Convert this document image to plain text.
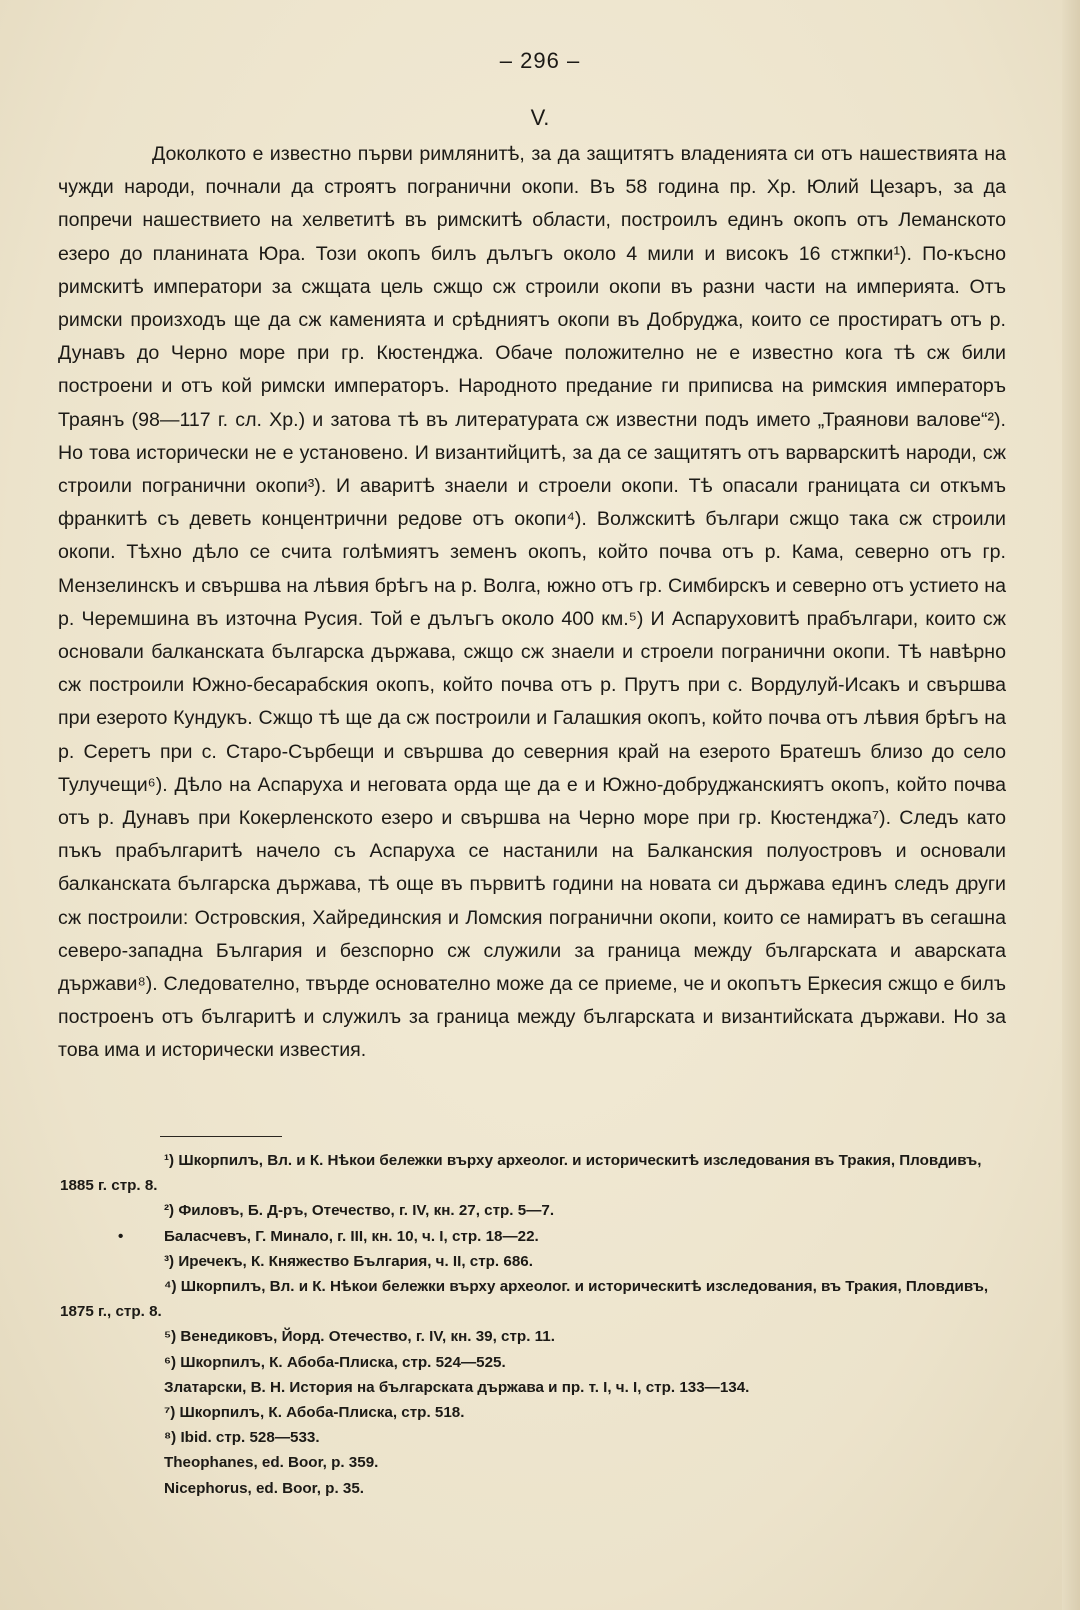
– 296 –
V.

Доколкото е известно първи римлянитѣ, за да защитятъ владенията си отъ нашествията на чужди народи, почнали да строятъ погранични окопи. Въ 58 година пр. Хр. Юлий Цезаръ, за да попречи нашествието на хелветитѣ въ римскитѣ области, построилъ единъ окопъ отъ Леманското езеро до планината Юра. Този окопъ билъ дълъгъ около 4 мили и високъ 16 стжпки¹). По-късно римскитѣ императори за сжщата цель сжщо сж строили окопи въ разни части на империята. Отъ римски произходъ ще да сж каменията и срѣдниятъ окопи въ Добруджа, които се простиратъ отъ р. Дунавъ до Черно море при гр. Кюстенджа. Обаче положително не е известно кога тѣ сж били построени и отъ кой римски императоръ. Народното предание ги приписва на римския императоръ Траянъ (98—117 г. сл. Хр.) и затова тѣ въ литературата сж известни подъ името „Траянови валове“²). Но това исторически не е установено. И византийцитѣ, за да се защитятъ отъ варварскитѣ народи, сж строили погранични окопи³). И аваритѣ знаели и строели окопи. Тѣ опасали границата си откъмъ франкитѣ съ деветь концентрични редове отъ окопи⁴). Волжскитѣ българи сжщо така сж строили окопи. Тѣхно дѣло се счита голѣмиятъ земенъ окопъ, който почва отъ р. Кама, северно отъ гр. Мензелинскъ и свършва на лѣвия брѣгъ на р. Волга, южно отъ гр. Симбирскъ и северно отъ устието на р. Черемшина въ източна Русия. Той е дълъгъ около 400 км.⁵) И Аспаруховитѣ прабългари, които сж основали балканската българска държава, сжщо сж знаели и строели погранични окопи. Тѣ навѣрно сж построили Южно-бесарабския окопъ, който почва отъ р. Прутъ при с. Вордулуй-Исакъ и свършва при езерото Кундукъ. Сжщо тѣ ще да сж построили и Галашкия окопъ, който почва отъ лѣвия брѣгъ на р. Серетъ при с. Старо-Сърбещи и свършва до северния край на езерото Братешъ близо до село Тулучещи⁶). Дѣло на Аспаруха и неговата орда ще да е и Южно-добруджанскиятъ окопъ, който почва отъ р. Дунавъ при Кокерленското езеро и свършва на Черно море при гр. Кюстенджа⁷). Следъ като пъкъ прабългаритѣ начело съ Аспаруха се настанили на Балканския полуостровъ и основали балканската българска държава, тѣ още въ първитѣ години на новата си държава единъ следъ други сж построили: Островския, Хайрединския и Ломския погранични окопи, които се намиратъ въ сегашна северо-западна България и безспорно сж служили за граница между българската и аварската държави⁸). Следователно, твърде основателно може да се приеме, че и окопътъ Еркесия сжщо е билъ построенъ отъ българитѣ и служилъ за граница между българската и византийската държави. Но за това има и исторически известия.

¹) Шкорпилъ, Вл. и К. Нѣкои бележки върху археолог. и историческитѣ изследования въ Тракия, Пловдивъ, 1885 г. стр. 8.

²) Филовъ, Б. Д-ръ, Отечество, г. IV, кн. 27, стр. 5—7.

•	Баласчевъ, Г. Минало, г. III, кн. 10, ч. I, стр. 18—22.

³) Иречекъ, К. Княжество България, ч. II, стр. 686.

⁴) Шкорпилъ, Вл. и К. Нѣкои бележки върху археолог. и историческитѣ изследования, въ Тракия, Пловдивъ, 1875 г., стр. 8.

⁵) Венедиковъ, Йорд. Отечество, г. IV, кн. 39, стр. 11.

⁶) Шкорпилъ, К. Абоба-Плиска, стр. 524—525.

Златарски, В. Н. История на българската държава и пр. т. I, ч. I, стр. 133—134.

⁷) Шкорпилъ, К. Абоба-Плиска, стр. 518.

⁸) Ibid. стр. 528—533.

Theophanes, ed. Boor, p. 359.

Nicephorus, ed. Boor, p. 35.
